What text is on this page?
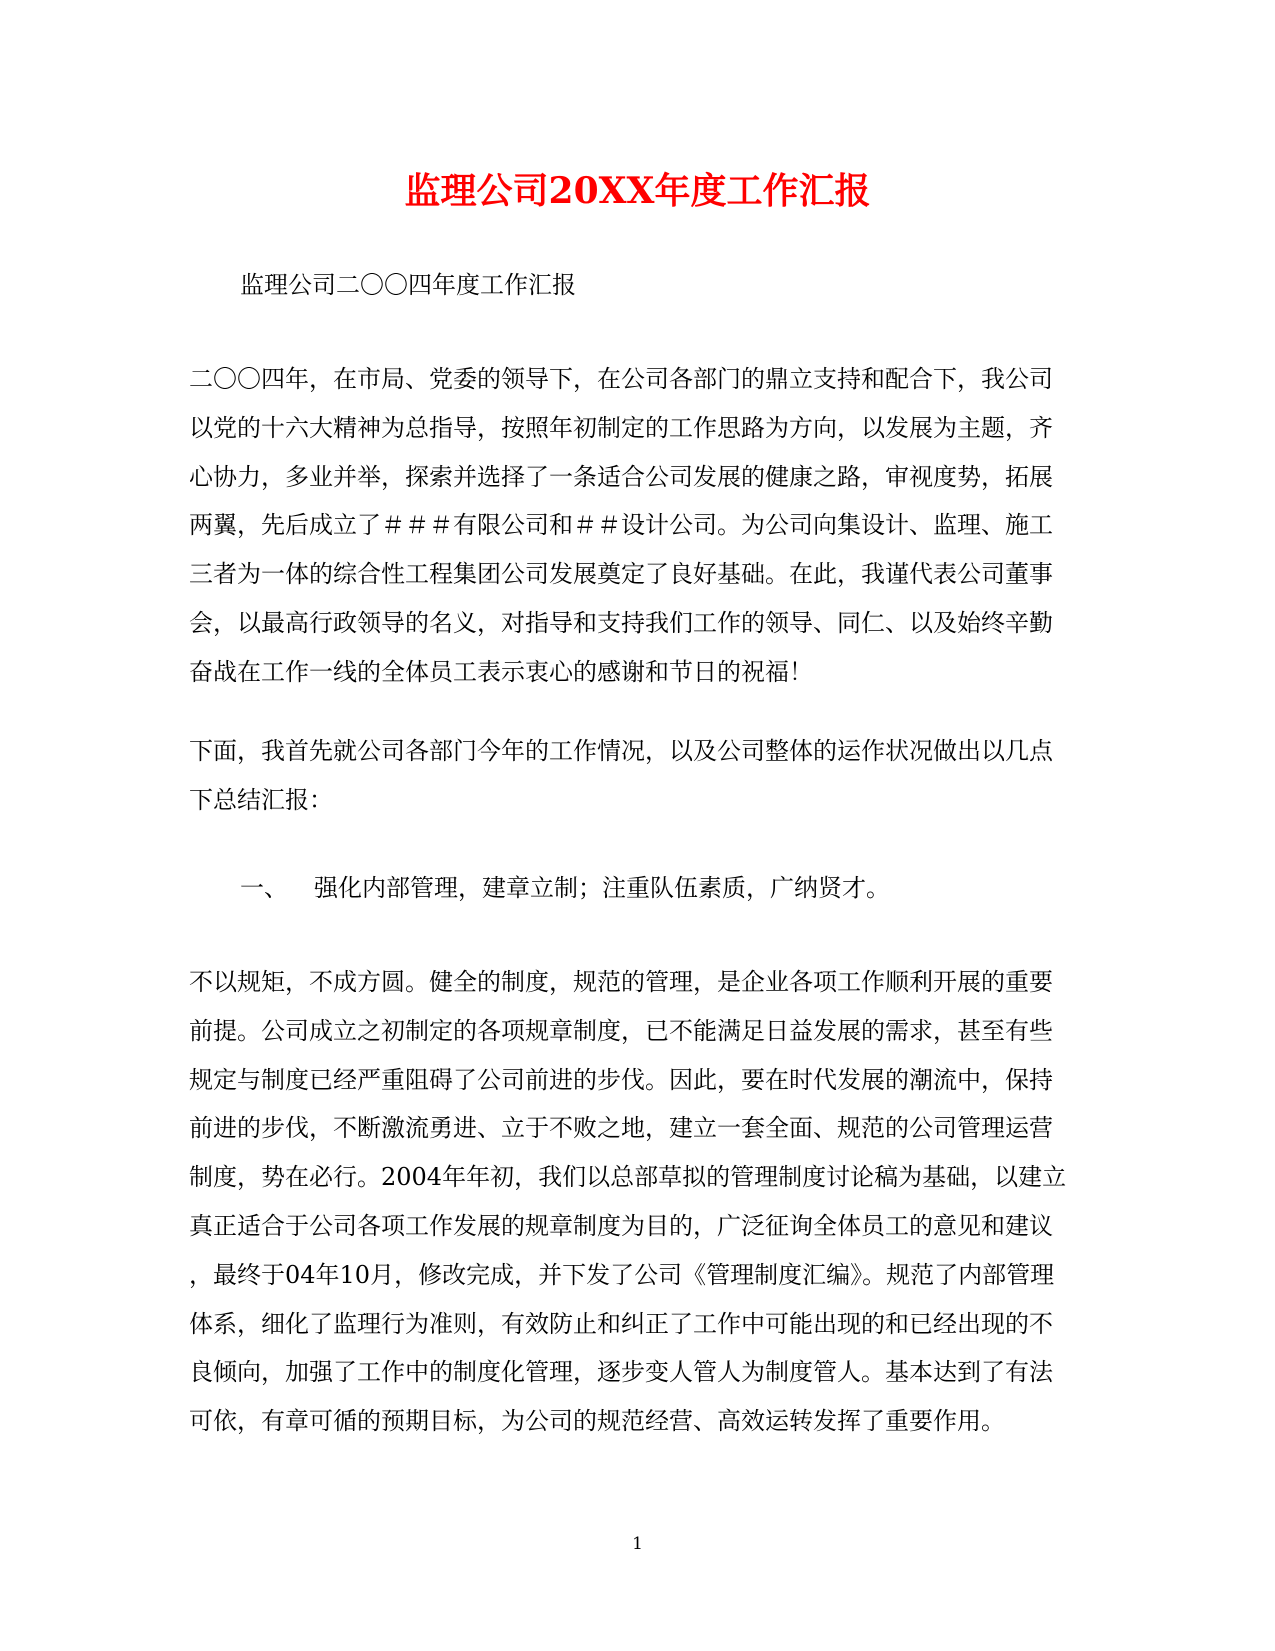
监理公司20XX年度工作汇报

监理公司二〇〇四年度工作汇报

二〇〇四年，在市局、党委的领导下，在公司各部门的鼎立支持和配合下，我公司
以党的十六大精神为总指导，按照年初制定的工作思路为方向，以发展为主题，齐
心协力，多业并举，探索并选择了一条适合公司发展的健康之路，审视度势，拓展
两翼，先后成立了＃＃＃有限公司和＃＃设计公司。为公司向集设计、监理、施工
三者为一体的综合性工程集团公司发展奠定了良好基础。在此，我谨代表公司董事
会，以最高行政领导的名义，对指导和支持我们工作的领导、同仁、以及始终辛勤
奋战在工作一线的全体员工表示衷心的感谢和节日的祝福！
下面，我首先就公司各部门今年的工作情况，以及公司整体的运作状况做出以几点
下总结汇报：

一、 强化内部管理，建章立制；注重队伍素质，广纳贤才。

不以规矩，不成方圆。健全的制度，规范的管理，是企业各项工作顺利开展的重要
前提。公司成立之初制定的各项规章制度，已不能满足日益发展的需求，甚至有些
规定与制度已经严重阻碍了公司前进的步伐。因此，要在时代发展的潮流中，保持
前进的步伐，不断激流勇进、立于不败之地，建立一套全面、规范的公司管理运营
制度，势在必行。2004年年初，我们以总部草拟的管理制度讨论稿为基础，以建立
真正适合于公司各项工作发展的规章制度为目的，广泛征询全体员工的意见和建议
，最终于04年10月，修改完成，并下发了公司《管理制度汇编》。规范了内部管理
体系，细化了监理行为准则，有效防止和纠正了工作中可能出现的和已经出现的不
良倾向，加强了工作中的制度化管理，逐步变人管人为制度管人。基本达到了有法
可依，有章可循的预期目标，为公司的规范经营、高效运转发挥了重要作用。
1
